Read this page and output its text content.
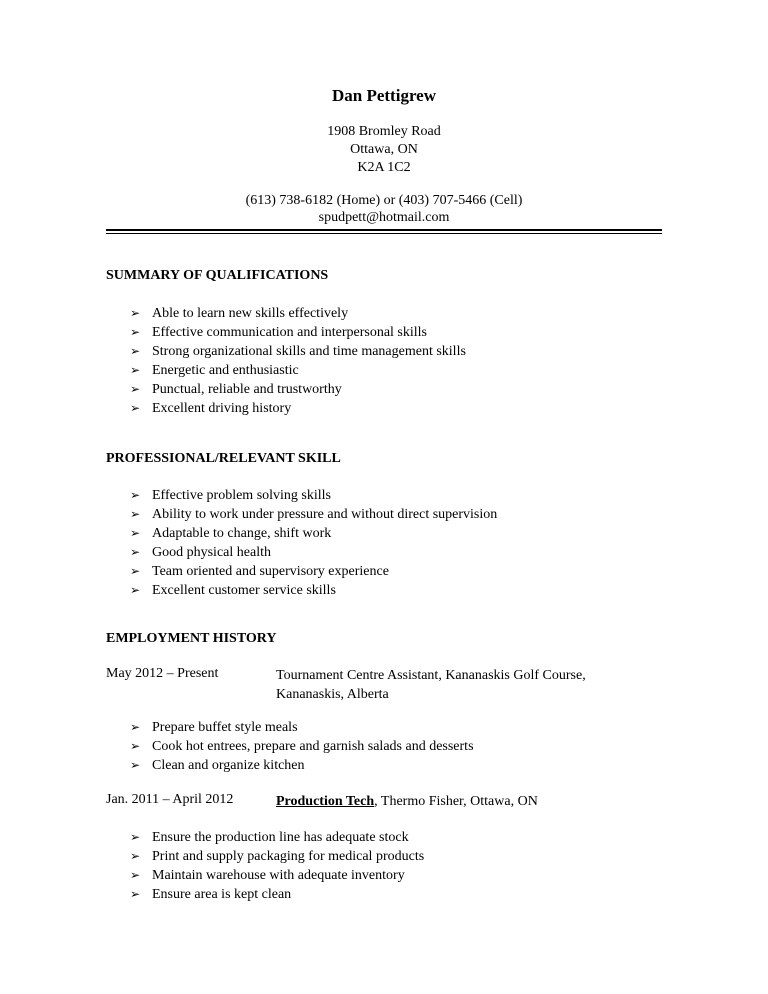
Dan Pettigrew
1908 Bromley Road
Ottawa, ON
K2A 1C2
(613) 738-6182 (Home) or (403) 707-5466 (Cell)
spudpett@hotmail.com
SUMMARY OF QUALIFICATIONS
➢ Able to learn new skills effectively
➢ Effective communication and interpersonal skills
➢ Strong organizational skills and time management skills
➢ Energetic and enthusiastic
➢ Punctual, reliable and trustworthy
➢ Excellent driving history
PROFESSIONAL/RELEVANT SKILL
➢ Effective problem solving skills
➢ Ability to work under pressure and without direct supervision
➢ Adaptable to change, shift work
➢ Good physical health
➢ Team oriented and supervisory experience
➢ Excellent customer service skills
EMPLOYMENT HISTORY
May 2012 – Present	Tournament Centre Assistant, Kananaskis Golf Course,
Kananaskis, Alberta
➢ Prepare buffet style meals
➢ Cook hot entrees, prepare and garnish salads and desserts
➢ Clean and organize kitchen
Jan. 2011 – April 2012	Production Tech, Thermo Fisher, Ottawa, ON
➢ Ensure the production line has adequate stock
➢ Print and supply packaging for medical products
➢ Maintain warehouse with adequate inventory
➢ Ensure area is kept clean
